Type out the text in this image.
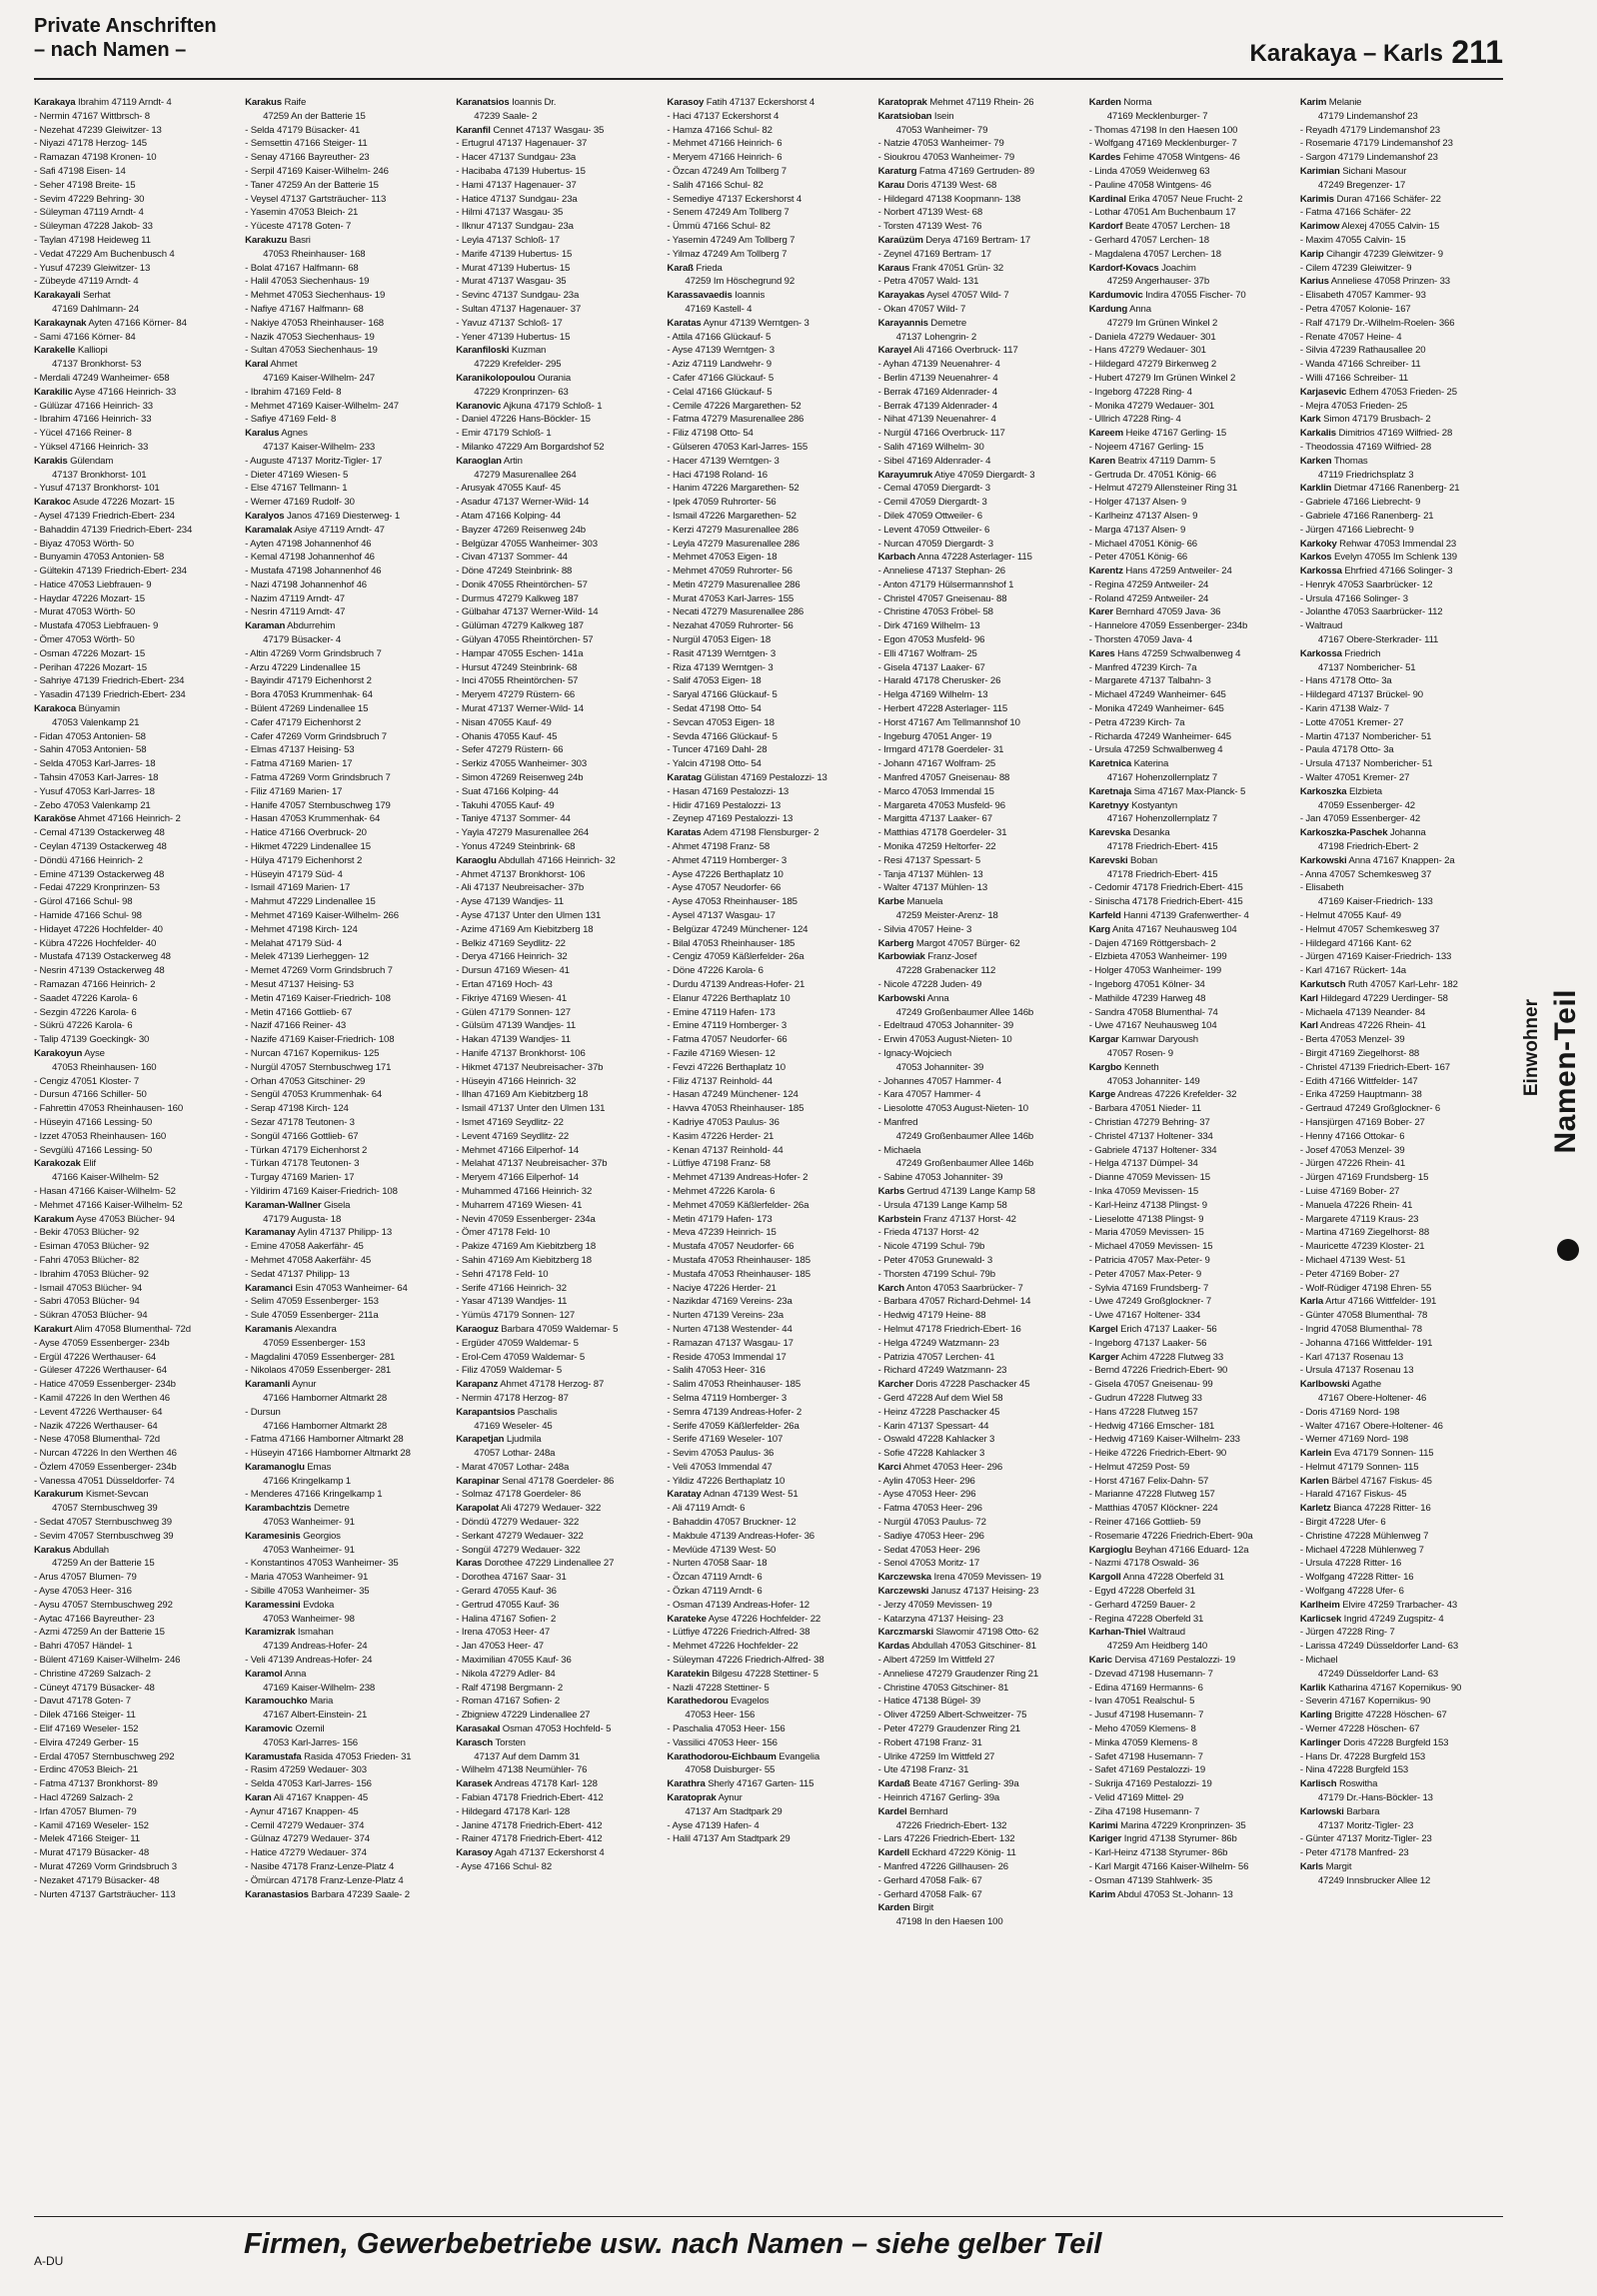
Private Anschriften
– nach Namen –	Karakaya – Karls 211
Karakaya Ibrahim 47119 Arndt- 4
- Nermin 47167 Wittbrsch- 8
- Nezehat 47239 Gleiwitzer- 13
- Niyazi 47178 Herzog- 145
- Ramazan 47198 Kronen- 10
- Safi 47198 Eisen- 14
- Seher 47198 Breite- 15
- Sevim 47229 Behring- 30
- Süleyman 47119 Arndt- 4
- Süleyman 47228 Jakob- 33
- Taylan 47198 Heideweg 11
- Vedat 47229 Am Buchenbusch 4
- Yusuf 47239 Gleiwitzer- 13
- Zübeyde 47119 Arndt- 4
Karakayali Serhat
47169 Dahlmann- 24
Karakaynak Ayten 47166 Körner- 84
- Sami 47166 Körner- 84
Karakelle Kalliopi
47137 Bronkhorst- 53
- Merdali 47249 Wanheimer- 658
Karakilic Ayse 47166 Heinrich- 33
- Gülüzar 47166 Heinrich- 33
- Ibrahim 47166 Heinrich- 33
- Yücel 47166 Reiner- 8
- Yüksel 47166 Heinrich- 33
Karakis Gülendam
47137 Bronkhorst- 101
- Yusuf 47137 Bronkhorst- 101
Karakoc Asude 47226 Mozart- 15
- Aysel 47139 Friedrich-Ebert- 234
- Bahaddin 47139 Friedrich-Ebert- 234
- Biyaz 47053 Wörth- 50
- Bunyamin 47053 Antonien- 58
- Gültekin 47139 Friedrich-Ebert- 234
- Hatice 47053 Liebfrauen- 9
- Haydar 47226 Mozart- 15
- Murat 47053 Wörth- 50
- Mustafa 47053 Liebfrauen- 9
- Ömer 47053 Wörth- 50
- Osman 47226 Mozart- 15
- Perihan 47226 Mozart- 15
- Sahriye 47139 Friedrich-Ebert- 234
- Yasadin 47139 Friedrich-Ebert- 234
Karakoca Bünyamin
47053 Valenkamp 21
- Fidan 47053 Antonien- 58
- Sahin 47053 Antonien- 58
- Selda 47053 Karl-Jarres- 18
- Tahsin 47053 Karl-Jarres- 18
- Yusuf 47053 Karl-Jarres- 18
- Zebo 47053 Valenkamp 21
Karaköse Ahmet 47166 Heinrich- 2
- Cemal 47139 Ostackerweg 48
- Ceylan 47139 Ostackerweg 48
- Döndü 47166 Heinrich- 2
- Emine 47139 Ostackerweg 48
- Fedai 47229 Kronprinzen- 53
- Gürol 47166 Schul- 98
- Hamide 47166 Schul- 98
- Hidayet 47226 Hochfelder- 40
- Kübra 47226 Hochfelder- 40
- Mustafa 47139 Ostackerweg 48
- Nesrin 47139 Ostackerweg 48
- Ramazan 47166 Heinrich- 2
- Saadet 47226 Karola- 6
- Sezgin 47226 Karola- 6
- Sükrü 47226 Karola- 6
- Talip 47139 Goeckingk- 30
Karakoyun Ayse
47053 Rheinhausen- 160
- Cengiz 47051 Kloster- 7
- Dursun 47166 Schiller- 50
- Fahrettin 47053 Rheinhausen- 160
- Hüseyin 47166 Lessing- 50
- Izzet 47053 Rheinhausen- 160
- Sevgülü 47166 Lessing- 50
Karakozak Elif
47166 Kaiser-Wilhelm- 52
- Hasan 47166 Kaiser-Wilhelm- 52
- Mehmet 47166 Kaiser-Wilhelm- 52
Karakum Ayse 47053 Blücher- 94
- Bekir 47053 Blücher- 92
- Esiman 47053 Blücher- 92
- Fahri 47053 Blücher- 82
- Ibrahim 47053 Blücher- 92
- Ismail 47053 Blücher- 94
- Sabri 47053 Blücher- 94
- Sükran 47053 Blücher- 94
Karakurt Alim 47058 Blumenthal- 72d
- Ayse 47059 Essenberger- 234b
- Ergül 47226 Werthauser- 64
- Güleser 47226 Werthauser- 64
- Hatice 47059 Essenberger- 234b
- Kamil 47226 In den Werthen 46
- Levent 47226 Werthauser- 64
- Nazik 47226 Werthauser- 64
- Nese 47058 Blumenthal- 72d
- Nurcan 47226 In den Werthen 46
- Özlem 47059 Essenberger- 234b
- Vanessa 47051 Düsseldorfer- 74
Karakurum Kismet-Sevcan
47057 Sternbuschweg 39
- Sedat 47057 Sternbuschweg 39
- Sevim 47057 Sternbuschweg 39
Karakus Abdullah
47259 An der Batterie 15
- Arus 47057 Blumen- 79
- Ayse 47053 Heer- 316
- Aysu 47057 Sternbuschweg 292
- Aytac 47166 Bayreuther- 23
- Azmi 47259 An der Batterie 15
- Bahri 47057 Händel- 1
- Bülent 47169 Kaiser-Wilhelm- 246
- Christine 47269 Salzach- 2
- Cüneyt 47179 Büsacker- 48
- Davut 47178 Goten- 7
- Dilek 47166 Steiger- 11
- Elif 47169 Weseler- 152
- Elvira 47249 Gerber- 15
- Erdal 47057 Sternbuschweg 292
- Erdinc 47053 Bleich- 21
- Fatma 47137 Bronkhorst- 89
- Hacl 47269 Salzach- 2
- Irfan 47057 Blumen- 79
- Kamil 47169 Weseler- 152
- Melek 47166 Steiger- 11
- Murat 47179 Büsacker- 48
- Murat 47269 Vorm Grindsbruch 3
- Nezaket 47179 Büsacker- 48
- Nurten 47137 Gartsträucher- 113
Karakus Raife
47259 An der Batterie 15
- Selda 47179 Büsacker- 41
- Semsettin 47166 Steiger- 11
- Senay 47166 Bayreuther- 23
- Serpil 47169 Kaiser-Wilhelm- 246
- Taner 47259 An der Batterie 15
- Veysel 47137 Gartsträucher- 113
- Yasemin 47053 Bleich- 21
- Yüceste 47178 Goten- 7
Karakuzu Basri
47053 Rheinhauser- 168
- Bolat 47167 Halfmann- 68
- Halil 47053 Siechenhaus- 19
- Mehmet 47053 Siechenhaus- 19
- Nafiye 47167 Halfmann- 68
- Nakiye 47053 Rheinhauser- 168
- Nazik 47053 Siechenhaus- 19
- Sultan 47053 Siechenhaus- 19
Karal Ahmet
47169 Kaiser-Wilhelm- 247
- Ibrahim 47169 Feld- 8
- Mehmet 47169 Kaiser-Wilhelm- 247
- Safiye 47169 Feld- 8
Karalus Agnes
47137 Kaiser-Wilhelm- 233
- Auguste 47137 Moritz-Tigler- 17
- Dieter 47169 Wiesen- 5
- Else 47167 Tellmann- 1
- Werner 47169 Rudolf- 30
Karalyos Janos 47169 Diesterweg- 1
Karamalak Asiye 47119 Arndt- 47
- Ayten 47198 Johannenhof 46
- Kemal 47198 Johannenhof 46
- Mustafa 47198 Johannenhof 46
- Nazi 47198 Johannenhof 46
- Nazim 47119 Arndt- 47
- Nesrin 47119 Arndt- 47
Karaman Abdurrehim
47179 Büsacker- 4
- Altin 47269 Vorm Grindsbruch 7
- Arzu 47229 Lindenallee 15
- Bayindir 47179 Eichenhorst 2
- Bora 47053 Krummenhak- 64
- Bülent 47269 Lindenallee 15
- Cafer 47179 Eichenhorst 2
- Cafer 47269 Vorm Grindsbruch 7
- Elmas 47137 Heising- 53
- Fatma 47169 Marien- 17
- Fatma 47269 Vorm Grindsbruch 7
- Filiz 47169 Marien- 17
- Hanife 47057 Sternbuschweg 179
- Hasan 47053 Krummenhak- 64
- Hatice 47166 Overbruck- 20
- Hikmet 47229 Lindenallee 15
- Hülya 47179 Eichenhorst 2
- Hüseyin 47179 Süd- 4
- Ismail 47169 Marien- 17
- Mahmut 47229 Lindenallee 15
- Mehmet 47169 Kaiser-Wilhelm- 266
- Mehmet 47198 Kirch- 124
- Melahat 47179 Süd- 4
- Melek 47139 Lierheggen- 12
- Memet 47269 Vorm Grindsbruch 7
- Mesut 47137 Heising- 53
- Metin 47169 Kaiser-Friedrich- 108
- Metin 47166 Gottlieb- 67
- Nazif 47166 Reiner- 43
- Nazife 47169 Kaiser-Friedrich- 108
- Nurcan 47167 Kopernikus- 125
- Nurgül 47057 Sternbuschweg 171
- Orhan 47053 Gitschiner- 29
- Sengül 47053 Krummenhak- 64
- Serap 47198 Kirch- 124
- Sezar 47178 Teutonen- 3
- Songül 47166 Gottlieb- 67
- Türkan 47179 Eichenhorst 2
- Türkan 47178 Teutonen- 3
- Turgay 47169 Marien- 17
- Yildirim 47169 Kaiser-Friedrich- 108
Karaman-Wallner Gisela
47179 Augusta- 18
Karamanay Aylin 47137 Philipp- 13
- Emine 47058 Aakerfähr- 45
- Mehmet 47058 Aakerfähr- 45
- Sedat 47137 Philipp- 13
Karamanci Esin 47053 Wanheimer- 64
- Selim 47059 Essenberger- 153
- Sule 47059 Essenberger- 211a
Karamanis Alexandra
47059 Essenberger- 153
- Magdalini 47059 Essenberger- 281
- Nikolaos 47059 Essenberger- 281
Karamanli Aynur
47166 Hamborner Altmarkt 28
- Dursun
47166 Hamborner Altmarkt 28
- Fatma 47166 Hamborner Altmarkt 28
- Hüseyin 47166 Hamborner Altmarkt 28
Karamanoglu Emas
47166 Kringelkamp 1
- Menderes 47166 Kringelkamp 1
Karambachtzis Demetre
47053 Wanheimer- 91
Karamesinis Georgios
47053 Wanheimer- 91
- Konstantinos 47053 Wanheimer- 35
- Maria 47053 Wanheimer- 91
- Sibille 47053 Wanheimer- 35
Karamessini Evdoka
47053 Wanheimer- 98
Karamizrak Ismahan
47139 Andreas-Hofer- 24
- Veli 47139 Andreas-Hofer- 24
Karamol Anna
47169 Kaiser-Wilhelm- 238
Karamouchko Maria
47167 Albert-Einstein- 21
Karamovic Ozemil
47053 Karl-Jarres- 156
Karamustafa Rasida 47053 Frieden- 31
- Rasim 47259 Wedauer- 303
- Selda 47053 Karl-Jarres- 156
Karan Ali 47167 Knappen- 45
- Aynur 47167 Knappen- 45
- Cemil 47279 Wedauer- 374
- Gülnaz 47279 Wedauer- 374
- Hatice 47279 Wedauer- 374
- Nasibe 47178 Franz-Lenze-Platz 4
- Ömürcan 47178 Franz-Lenze-Platz 4
Karanastasios Barbara 47239 Saale- 2
Karanatsios Ioannis Dr.
47239 Saale- 2
Karanfil Cennet 47137 Wasgau- 35
- Ertugrul 47137 Hagenauer- 37
- Hacer 47137 Sundgau- 23a
- Hacibaba 47139 Hubertus- 15
- Hami 47137 Hagenauer- 37
- Hatice 47137 Sundgau- 23a
- Hilmi 47137 Wasgau- 35
- Ilknur 47137 Sundgau- 23a
- Leyla 47137 Schloß- 17
- Marife 47139 Hubertus- 15
- Murat 47139 Hubertus- 15
- Murat 47137 Wasgau- 35
- Sevinc 47137 Sundgau- 23a
- Sultan 47137 Hagenauer- 37
- Yavuz 47137 Schloß- 17
- Yener 47139 Hubertus- 15
Karanfiloski Kuzman
47229 Krefelder- 295
Karanikolopoulou Ourania
47229 Kronprinzen- 63
Karanovic Ajkuna 47179 Schloß- 1
- Daniel 47226 Hans-Böckler- 15
- Emir 47179 Schloß- 1
- Milanko 47229 Am Borgardshof 52
Karaoglan Artin
47279 Masurenallee 264
- Arusyak 47055 Kauf- 45
- Asadur 47137 Werner-Wild- 14
- Atam 47166 Kolping- 44
- Bayzer 47269 Reisenweg 24b
- Belgüzar 47055 Wanheimer- 303
- Civan 47137 Sommer- 44
- Döne 47249 Steinbrink- 88
- Donik 47055 Rheintörchen- 57
- Durmus 47279 Kalkweg 187
- Gülbahar 47137 Werner-Wild- 14
- Gülüman 47279 Kalkweg 187
- Gülyan 47055 Rheintörchen- 57
- Hampar 47055 Eschen- 141a
- Hursut 47249 Steinbrink- 68
- Inci 47055 Rheintörchen- 57
- Meryem 47279 Rüstern- 66
- Murat 47137 Werner-Wild- 14
- Nisan 47055 Kauf- 49
- Ohanis 47055 Kauf- 45
- Sefer 47279 Rüstern- 66
- Serkiz 47055 Wanheimer- 303
- Simon 47269 Reisenweg 24b
- Suat 47166 Kolping- 44
- Takuhi 47055 Kauf- 49
- Taniye 47137 Sommer- 44
- Yayla 47279 Masurenallee 264
- Yonus 47249 Steinbrink- 68
Karaoglu Abdullah 47166 Heinrich- 32
- Ahmet 47137 Bronkhorst- 106
- Ali 47137 Neubreisacher- 37b
- Ayse 47139 Wandjes- 11
- Ayse 47137 Unter den Ulmen 131
- Azime 47169 Am Kiebitzberg 18
- Belkiz 47169 Seydlitz- 22
- Derya 47166 Heinrich- 32
- Dursun 47169 Wiesen- 41
- Ertan 47169 Hoch- 43
- Fikriye 47169 Wiesen- 41
- Gülen 47179 Sonnen- 127
- Gülsüm 47139 Wandjes- 11
- Hakan 47139 Wandjes- 11
- Hanife 47137 Bronkhorst- 106
- Hikmet 47137 Neubreisacher- 37b
- Hüseyin 47166 Heinrich- 32
- Ilhan 47169 Am Kiebitzberg 18
- Ismail 47137 Unter den Ulmen 131
- Ismet 47169 Seydlitz- 22
- Levent 47169 Seydlitz- 22
- Mehmet 47166 Eilperhof- 14
- Melahat 47137 Neubreisacher- 37b
- Meryem 47166 Eilperhof- 14
- Muhammed 47166 Heinrich- 32
- Muharrem 47169 Wiesen- 41
- Nevin 47059 Essenberger- 234a
- Ömer 47178 Feld- 10
- Pakize 47169 Am Kiebitzberg 18
- Sahin 47169 Am Kiebitzberg 18
- Sehri 47178 Feld- 10
- Serife 47166 Heinrich- 32
- Yasar 47139 Wandjes- 11
- Yümüs 47179 Sonnen- 127
Karaoguz Barbara 47059 Waldemar- 5
- Ergüder 47059 Waldemar- 5
- Erol-Cem 47059 Waldemar- 5
- Filiz 47059 Waldemar- 5
Karapanz Ahmet 47178 Herzog- 87
- Nermin 47178 Herzog- 87
Karapantsios Paschalis
47169 Weseler- 45
Karapetjan Ljudmila
47057 Lothar- 248a
- Marat 47057 Lothar- 248a
Karapinar Senal 47178 Goerdeler- 86
- Solmaz 47178 Goerdeler- 86
Karapolat Ali 47279 Wedauer- 322
- Döndü 47279 Wedauer- 322
- Serkant 47279 Wedauer- 322
- Songül 47279 Wedauer- 322
Karas Dorothee 47229 Lindenallee 27
- Dorothea 47167 Saar- 31
- Gerard 47055 Kauf- 36
- Gertrud 47055 Kauf- 36
- Halina 47167 Sofien- 2
- Irena 47053 Heer- 47
- Jan 47053 Heer- 47
- Maximilian 47055 Kauf- 36
- Nikola 47279 Adler- 84
- Ralf 47198 Bergmann- 2
- Roman 47167 Sofien- 2
- Zbigniew 47229 Lindenallee 27
Karasakal Osman 47053 Hochfeld- 5
Karasch Torsten
47137 Auf dem Damm 31
- Wilhelm 47138 Neumühler- 76
Karasek Andreas 47178 Karl- 128
- Fabian 47178 Friedrich-Ebert- 412
- Hildegard 47178 Karl- 128
- Janine 47178 Friedrich-Ebert- 412
- Rainer 47178 Friedrich-Ebert- 412
Karasoy Agah 47137 Eckershorst 4
- Ayse 47166 Schul- 82
Karasoy Fatih 47137 Eckershorst 4
- Haci 47137 Eckershorst 4
- Hamza 47166 Schul- 82
- Mehmet 47166 Heinrich- 6
- Meryem 47166 Heinrich- 6
- Özcan 47249 Am Tollberg 7
- Salih 47166 Schul- 82
- Semediye 47137 Eckershorst 4
- Senem 47249 Am Tollberg 7
- Ümmü 47166 Schul- 82
- Yasemin 47249 Am Tollberg 7
- Yilmaz 47249 Am Tollberg 7
Karaß Frieda
47259 Im Höschegrund 92
Karassavaedis Ioannis
47169 Kastell- 4
Karatas Aynur 47139 Werntgen- 3
- Attila 47166 Glückauf- 5
- Ayse 47139 Werntgen- 3
- Aziz 47119 Landwehr- 9
- Cafer 47166 Glückauf- 5
- Celal 47166 Glückauf- 5
- Cemile 47226 Margarethen- 52
- Fatma 47279 Masurenallee 286
- Filiz 47198 Otto- 54
- Gülseren 47053 Karl-Jarres- 155
- Hacer 47139 Werntgen- 3
- Haci 47198 Roland- 16
- Hanim 47226 Margarethen- 52
- Ipek 47059 Ruhrorter- 56
- Ismail 47226 Margarethen- 52
- Kerzi 47279 Masurenallee 286
- Leyla 47279 Masurenallee 286
- Mehmet 47053 Eigen- 18
- Mehmet 47059 Ruhrorter- 56
- Metin 47279 Masurenallee 286
- Murat 47053 Karl-Jarres- 155
- Necati 47279 Masurenallee 286
- Nezahat 47059 Ruhrorter- 56
- Nurgül 47053 Eigen- 18
- Rasit 47139 Werntgen- 3
- Riza 47139 Werntgen- 3
- Salif 47053 Eigen- 18
- Saryal 47166 Glückauf- 5
- Sedat 47198 Otto- 54
- Sevcan 47053 Eigen- 18
- Sevda 47166 Glückauf- 5
- Tuncer 47169 Dahl- 28
- Yalcin 47198 Otto- 54
Karatag Gülistan 47169 Pestalozzi- 13
- Hasan 47169 Pestalozzi- 13
- Hidir 47169 Pestalozzi- 13
- Zeynep 47169 Pestalozzi- 13
Karatas Adem 47198 Flensburger- 2
- Ahmet 47198 Franz- 58
- Ahmet 47119 Homberger- 3
- Ayse 47226 Berthaplatz 10
- Ayse 47057 Neudorfer- 66
- Ayse 47053 Rheinhauser- 185
- Aysel 47137 Wasgau- 17
- Belgüzar 47249 Münchener- 124
- Bilal 47053 Rheinhauser- 185
- Cengiz 47059 Käßlerfelder- 26a
- Döne 47226 Karola- 6
- Durdu 47139 Andreas-Hofer- 21
- Elanur 47226 Berthaplatz 10
- Emine 47119 Hafen- 173
- Emine 47119 Homberger- 3
- Fatma 47057 Neudorfer- 66
- Fazile 47169 Wiesen- 12
- Fevzi 47226 Berthaplatz 10
- Filiz 47137 Reinhold- 44
- Hasan 47249 Münchener- 124
- Havva 47053 Rheinhauser- 185
- Kadriye 47053 Paulus- 36
- Kasim 47226 Herder- 21
- Kenan 47137 Reinhold- 44
- Lütfiye 47198 Franz- 58
- Mehmet 47139 Andreas-Hofer- 2
- Mehmet 47226 Karola- 6
- Mehmet 47059 Käßlerfelder- 26a
- Metin 47179 Hafen- 173
- Meva 47239 Heinrich- 15
- Mustafa 47057 Neudorfer- 66
- Mustafa 47053 Rheinhauser- 185
- Mustafa 47053 Rheinhauser- 185
- Naciye 47226 Herder- 21
- Nazikdar 47169 Vereins- 23a
- Nurten 47139 Vereins- 23a
- Nurten 47138 Westender- 44
- Ramazan 47137 Wasgau- 17
- Reside 47053 Immendal 17
- Salih 47053 Heer- 316
- Salim 47053 Rheinhauser- 185
- Selma 47119 Homberger- 3
- Semra 47139 Andreas-Hofer- 2
- Serife 47059 Käßlerfelder- 26a
- Serife 47169 Weseler- 107
- Sevim 47053 Paulus- 36
- Veli 47053 Immendal 47
- Yildiz 47226 Berthaplatz 10
Karatay Adnan 47139 West- 51
- Ali 47119 Arndt- 6
- Bahaddin 47057 Bruckner- 12
- Makbule 47139 Andreas-Hofer- 36
- Mevlüde 47139 West- 50
- Nurten 47058 Saar- 18
- Özcan 47119 Arndt- 6
- Özkan 47119 Arndt- 6
- Osman 47139 Andreas-Hofer- 12
Karateke Ayse 47226 Hochfelder- 22
- Lütfiye 47226 Friedrich-Alfred- 38
- Mehmet 47226 Hochfelder- 22
- Süleyman 47226 Friedrich-Alfred- 38
Karatekin Bilgesu 47228 Stettiner- 5
- Nazli 47228 Stettiner- 5
Karathedorou Evagelos
47053 Heer- 156
- Paschalia 47053 Heer- 156
- Vassilici 47053 Heer- 156
Karathodorou-Eichbaum Evangelia
47058 Duisburger- 55
Karathra Sherly 47167 Garten- 115
Karatoprak Aynur
47137 Am Stadtpark 29
- Ayse 47139 Hafen- 4
- Halil 47137 Am Stadtpark 29
Karatoprak Mehmet 47119 Rhein- 26
Karatsioban Isein
47053 Wanheimer- 79
- Natzie 47053 Wanheimer- 79
- Sioukrou 47053 Wanheimer- 79
Karaturg Fatma 47169 Gertruden- 89
Karau Doris 47139 West- 68
- Hildegard 47138 Koopmann- 138
- Norbert 47139 West- 68
- Torsten 47139 West- 76
Karaüzüm Derya 47169 Bertram- 17
- Zeynel 47169 Bertram- 17
Karaus Frank 47051 Grün- 32
- Petra 47057 Wald- 131
Karayakas Aysel 47057 Wild- 7
- Okan 47057 Wild- 7
Karayannis Demetre
47137 Lohengrin- 2
Karayel Ali 47166 Overbruck- 117
- Ayhan 47139 Neuenahrer- 4
- Berlin 47139 Neuenahrer- 4
- Berrak 47169 Aldenrader- 4
- Berrak 47139 Aldenrader- 4
- Nihat 47139 Neuenahrer- 4
- Nurgül 47166 Overbruck- 117
- Salih 47169 Wilhelm- 30
- Sibel 47169 Aldenrader- 4
Karayumruk Atiye 47059 Diergardt- 3
- Cemal 47059 Diergardt- 3
- Cemil 47059 Diergardt- 3
- Dilek 47059 Ottweiler- 6
- Levent 47059 Ottweiler- 6
- Nurcan 47059 Diergardt- 3
Karbach Anna 47228 Asterlager- 115
- Anneliese 47137 Stephan- 26
- Anton 47179 Hülsermannshof 1
- Christel 47057 Gneisenau- 88
- Christine 47053 Fröbel- 58
- Dirk 47169 Wilhelm- 13
- Egon 47053 Musfeld- 96
- Elli 47167 Wolfram- 25
- Gisela 47137 Laaker- 67
- Harald 47178 Cherusker- 26
- Helga 47169 Wilhelm- 13
- Herbert 47228 Asterlager- 115
- Horst 47167 Am Tellmannshof 10
- Ingeburg 47051 Anger- 19
- Irmgard 47178 Goerdeler- 31
- Johann 47167 Wolfram- 25
- Manfred 47057 Gneisenau- 88
- Marco 47053 Immendal 15
- Margareta 47053 Musfeld- 96
- Margitta 47137 Laaker- 67
- Matthias 47178 Goerdeler- 31
- Monika 47259 Heltorfer- 22
- Resi 47137 Spessart- 5
- Tanja 47137 Mühlen- 13
- Walter 47137 Mühlen- 13
Karbe Manuela
47259 Meister-Arenz- 18
- Silvia 47057 Heine- 3
Karberg Margot 47057 Bürger- 62
Karbowiak Franz-Josef
47228 Grabenacker 112
- Nicole 47228 Juden- 49
Karbowski Anna
47249 Großenbaumer Allee 146b
- Edeltraud 47053 Johanniter- 39
- Erwin 47053 August-Nieten- 10
- Ignacy-Wojciech
47053 Johanniter- 39
- Johannes 47057 Hammer- 4
- Kara 47057 Hammer- 4
- Liesolotte 47053 August-Nieten- 10
- Manfred
47249 Großenbaumer Allee 146b
- Michaela
47249 Großenbaumer Allee 146b
- Sabine 47053 Johanniter- 39
Karbs Gertrud 47139 Lange Kamp 58
- Ursula 47139 Lange Kamp 58
Karbstein Franz 47137 Horst- 42
- Frieda 47137 Horst- 42
- Nicole 47199 Schul- 79b
- Peter 47053 Grunewald- 3
- Thorsten 47199 Schul- 79b
Karch Anton 47053 Saarbrücker- 7
- Barbara 47057 Richard-Dehmel- 14
- Hedwig 47179 Heine- 88
- Helmut 47178 Friedrich-Ebert- 16
- Helga 47249 Watzmann- 23
- Patrizia 47057 Lerchen- 41
- Richard 47249 Watzmann- 23
Karcher Doris 47228 Paschacker 45
- Gerd 47228 Auf dem Wiel 58
- Heinz 47228 Paschacker 45
- Karin 47137 Spessart- 44
- Oswald 47228 Kahlacker 3
- Sofie 47228 Kahlacker 3
Karci Ahmet 47053 Heer- 296
- Aylin 47053 Heer- 296
- Ayse 47053 Heer- 296
- Fatma 47053 Heer- 296
- Nurgül 47053 Paulus- 72
- Sadiye 47053 Heer- 296
- Sedat 47053 Heer- 296
- Senol 47053 Moritz- 17
Karczewska Irena 47059 Mevissen- 19
Karczewski Janusz 47137 Heising- 23
- Jerzy 47059 Mevissen- 19
- Katarzyna 47137 Heising- 23
Karczmarski Slawomir 47198 Otto- 62
Kardas Abdullah 47053 Gitschiner- 81
- Albert 47259 Im Wittfeld 27
- Anneliese 47279 Graudenzer Ring 21
- Christine 47053 Gitschiner- 81
- Hatice 47138 Bügel- 39
- Oliver 47259 Albert-Schweitzer- 75
- Peter 47279 Graudenzer Ring 21
- Robert 47198 Franz- 31
- Ulrike 47259 Im Wittfeld 27
- Ute 47198 Franz- 31
Kardaß Beate 47167 Gerling- 39a
- Heinrich 47167 Gerling- 39a
Kardel Bernhard
47226 Friedrich-Ebert- 132
- Lars 47226 Friedrich-Ebert- 132
Kardell Eckhard 47229 König- 11
- Manfred 47226 Gillhausen- 26
- Gerhard 47058 Falk- 67
- Gerhard 47058 Falk- 67
Karden Birgit
47198 In den Haesen 100
Karden Norma
47169 Mecklenburger- 7
- Thomas 47198 In den Haesen 100
- Wolfgang 47169 Mecklenburger- 7
Kardes Fehime 47058 Wintgens- 46
- Linda 47059 Weidenweg 63
- Pauline 47058 Wintgens- 46
Kardinal Erika 47057 Neue Frucht- 2
- Lothar 47051 Am Buchenbaum 17
Kardorf Beate 47057 Lerchen- 18
- Gerhard 47057 Lerchen- 18
- Magdalena 47057 Lerchen- 18
Kardorf-Kovacs Joachim
47259 Angerhauser- 37b
Kardumovic Indira 47055 Fischer- 70
Kardung Anna
47279 Im Grünen Winkel 2
- Daniela 47279 Wedauer- 301
- Hans 47279 Wedauer- 301
- Hildegard 47279 Birkenweg 2
- Hubert 47279 Im Grünen Winkel 2
- Ingeborg 47228 Ring- 4
- Monika 47279 Wedauer- 301
- Ullrich 47228 Ring- 4
Kareem Heike 47167 Gerling- 15
- Nojeem 47167 Gerling- 15
Karen Beatrix 47119 Damm- 5
- Gertruda Dr. 47051 König- 66
- Helmut 47279 Allensteiner Ring 31
- Holger 47137 Alsen- 9
- Karlheinz 47137 Alsen- 9
- Marga 47137 Alsen- 9
- Michael 47051 König- 66
- Peter 47051 König- 66
Karentz Hans 47259 Antweiler- 24
- Regina 47259 Antweiler- 24
- Roland 47259 Antweiler- 24
Karer Bernhard 47059 Java- 36
- Hannelore 47059 Essenberger- 234b
- Thorsten 47059 Java- 4
Kares Hans 47259 Schwalbenweg 4
- Manfred 47239 Kirch- 7a
- Margarete 47137 Talbahn- 3
- Michael 47249 Wanheimer- 645
- Monika 47249 Wanheimer- 645
- Petra 47239 Kirch- 7a
- Richarda 47249 Wanheimer- 645
- Ursula 47259 Schwalbenweg 4
Karetnica Katerina
47167 Hohenzollernplatz 7
Karetnaja Sima 47167 Max-Planck- 5
Karetnyy Kostyantyn
47167 Hohenzollernplatz 7
Karevska Desanka
47178 Friedrich-Ebert- 415
Karevski Boban
47178 Friedrich-Ebert- 415
- Cedomir 47178 Friedrich-Ebert- 415
- Sinischa 47178 Friedrich-Ebert- 415
Karfeld Hanni 47139 Grafenwerther- 4
Karg Anita 47167 Neuhausweg 104
- Dajen 47169 Röttgersbach- 2
- Elzbieta 47053 Wanheimer- 199
- Holger 47053 Wanheimer- 199
- Ingeborg 47051 Kölner- 34
- Mathilde 47239 Harweg 48
- Sandra 47058 Blumenthal- 74
- Uwe 47167 Neuhausweg 104
Kargar Kamwar Daryoush
47057 Rosen- 9
Kargbo Kenneth
47053 Johanniter- 149
Karge Andreas 47226 Krefelder- 32
- Barbara 47051 Nieder- 11
- Christian 47279 Behring- 37
- Christel 47137 Holtener- 334
- Gabriele 47137 Holtener- 334
- Helga 47137 Dümpel- 34
- Dianne 47059 Mevissen- 15
- Inka 47059 Mevissen- 15
- Karl-Heinz 47138 Plingst- 9
- Lieselotte 47138 Plingst- 9
- Maria 47059 Mevissen- 15
- Michael 47059 Mevissen- 15
- Patricia 47057 Max-Peter- 9
- Peter 47057 Max-Peter- 9
- Sylvia 47169 Frundsberg- 7
- Uwe 47249 Großglockner- 7
- Uwe 47167 Holtener- 334
Kargel Erich 47137 Laaker- 56
- Ingeborg 47137 Laaker- 56
Karger Achim 47228 Flutweg 33
- Bernd 47226 Friedrich-Ebert- 90
- Gisela 47057 Gneisenau- 99
- Gudrun 47228 Flutweg 33
- Hans 47228 Flutweg 157
- Hedwig 47166 Emscher- 181
- Hedwig 47169 Kaiser-Wilhelm- 233
- Heike 47226 Friedrich-Ebert- 90
- Helmut 47259 Post- 59
- Horst 47167 Felix-Dahn- 57
- Marianne 47228 Flutweg 157
- Matthias 47057 Klöckner- 224
- Reiner 47166 Gottlieb- 59
- Rosemarie 47226 Friedrich-Ebert- 90a
Kargioglu Beyhan 47166 Eduard- 12a
- Nazmi 47178 Oswald- 36
Kargoll Anna 47228 Oberfeld 31
- Egyd 47228 Oberfeld 31
- Gerhard 47259 Bauer- 2
- Regina 47228 Oberfeld 31
Karhan-Thiel Waltraud
47259 Am Heidberg 140
Karic Dervisa 47169 Pestalozzi- 19
- Dzevad 47198 Husemann- 7
- Edina 47169 Hermanns- 6
- Ivan 47051 Realschul- 5
- Jusuf 47198 Husemann- 7
- Meho 47059 Klemens- 8
- Minka 47059 Klemens- 8
- Safet 47198 Husemann- 7
- Safet 47169 Pestalozzi- 19
- Sukrija 47169 Pestalozzi- 19
- Velid 47169 Mittel- 29
- Ziha 47198 Husemann- 7
Karimi Marina 47229 Kronprinzen- 35
Kariger Ingrid 47138 Styrumer- 86b
- Karl-Heinz 47138 Styrumer- 86b
- Karl Margit 47166 Kaiser-Wilhelm- 56
- Osman 47139 Stahlwerk- 35
Karim Abdul 47053 St.-Johann- 13
Karim Melanie
47179 Lindemanshof 23
- Reyadh 47179 Lindemanshof 23
- Rosemarie 47179 Lindemanshof 23
- Sargon 47179 Lindemanshof 23
Karimian Sichani Masour
47249 Bregenzer- 17
Karimis Duran 47166 Schäfer- 22
- Fatma 47166 Schäfer- 22
Karimow Alexej 47055 Calvin- 15
- Maxim 47055 Calvin- 15
Karip Cihangir 47239 Gleiwitzer- 9
- Cilem 47239 Gleiwitzer- 9
Karius Anneliese 47058 Prinzen- 33
- Elisabeth 47057 Kammer- 93
- Petra 47057 Kolonie- 167
- Ralf 47179 Dr.-Wilhelm-Roelen- 366
- Renate 47057 Heine- 4
- Silvia 47239 Rathausallee 20
- Wanda 47166 Schreiber- 11
- Willi 47166 Schreiber- 11
Karjasevic Edhem 47053 Frieden- 25
- Mejra 47053 Frieden- 25
Kark Simon 47179 Brusbach- 2
Karkalis Dimitrios 47169 Wilfried- 28
- Theodossia 47169 Wilfried- 28
Karken Thomas
47119 Friedrichsplatz 3
Karklin Dietmar 47166 Ranenberg- 21
- Gabriele 47166 Liebrecht- 9
- Gabriele 47166 Ranenberg- 21
- Jürgen 47166 Liebrecht- 9
Karkoky Rehwar 47053 Immendal 23
Karkos Evelyn 47055 Im Schlenk 139
Karkossa Ehrfried 47166 Solinger- 3
- Henryk 47053 Saarbrücker- 12
- Ursula 47166 Solinger- 3
- Jolanthe 47053 Saarbrücker- 112
- Waltraud
47167 Obere-Sterkrader- 111
Karkossa Friedrich
47137 Nombericher- 51
- Hans 47178 Otto- 3a
- Hildegard 47137 Brückel- 90
- Karin 47138 Walz- 7
- Lotte 47051 Kremer- 27
- Martin 47137 Nombericher- 51
- Paula 47178 Otto- 3a
- Ursula 47137 Nombericher- 51
- Walter 47051 Kremer- 27
Karkoszka Elzbieta
47059 Essenberger- 42
- Jan 47059 Essenberger- 42
Karkoszka-Paschek Johanna
47198 Friedrich-Ebert- 2
Karkowski Anna 47167 Knappen- 2a
- Anna 47057 Schemkesweg 37
- Elisabeth
47169 Kaiser-Friedrich- 133
- Helmut 47055 Kauf- 49
- Helmut 47057 Schemkesweg 37
- Hildegard 47166 Kant- 62
- Jürgen 47169 Kaiser-Friedrich- 133
- Karl 47167 Rückert- 14a
Karkutsch Ruth 47057 Karl-Lehr- 182
Karl Hildegard 47229 Uerdinger- 58
- Michaela 47139 Neander- 84
Karl Andreas 47226 Rhein- 41
- Berta 47053 Menzel- 39
- Birgit 47169 Ziegelhorst- 88
- Christel 47139 Friedrich-Ebert- 167
- Edith 47166 Wittfelder- 147
- Erika 47259 Hauptmann- 38
- Gertraud 47249 Großglockner- 6
- Hansjürgen 47169 Bober- 27
- Henny 47166 Ottokar- 6
- Josef 47053 Menzel- 39
- Jürgen 47226 Rhein- 41
- Jürgen 47169 Frundsberg- 15
- Luise 47169 Bober- 27
- Manuela 47226 Rhein- 41
- Margarete 47119 Kraus- 23
- Martina 47169 Ziegelhorst- 88
- Mauricette 47239 Kloster- 21
- Michael 47139 West- 51
- Peter 47169 Bober- 27
- Wolf-Rüdiger 47198 Ehren- 55
Karla Artur 47166 Wittfelder- 191
- Günter 47058 Blumenthal- 78
- Ingrid 47058 Blumenthal- 78
- Johanna 47166 Wittfelder- 191
- Karl 47137 Rosenau 13
- Ursula 47137 Rosenau 13
Karlbowski Agathe
47167 Obere-Holtener- 46
- Doris 47169 Nord- 198
- Walter 47167 Obere-Holtener- 46
- Werner 47169 Nord- 198
Karlein Eva 47179 Sonnen- 115
- Helmut 47179 Sonnen- 115
Karlen Bärbel 47167 Fiskus- 45
- Harald 47167 Fiskus- 45
Karletz Bianca 47228 Ritter- 16
- Birgit 47228 Ufer- 6
- Christine 47228 Mühlenweg 7
- Michael 47228 Mühlenweg 7
- Ursula 47228 Ritter- 16
- Wolfgang 47228 Ritter- 16
- Wolfgang 47228 Ufer- 6
Karlheim Elvire 47259 Trarbacher- 43
Karlicsek Ingrid 47249 Zugspitz- 4
- Jürgen 47228 Ring- 7
- Larissa 47249 Düsseldorfer Land- 63
- Michael
47249 Düsseldorfer Land- 63
Karlik Katharina 47167 Kopernikus- 90
- Severin 47167 Kopernikus- 90
Karling Brigitte 47228 Höschen- 67
- Werner 47228 Höschen- 67
Karlinger Doris 47228 Burgfeld 153
- Hans Dr. 47228 Burgfeld 153
- Nina 47228 Burgfeld 153
Karlisch Roswitha
47179 Dr.-Hans-Böckler- 13
Karlowski Barbara
47137 Moritz-Tigler- 23
- Günter 47137 Moritz-Tigler- 23
- Peter 47178 Manfred- 23
Karls Margit
47249 Innsbrucker Allee 12
Einwohner Namen-Teil
A-DU
Firmen, Gewerbebetriebe usw. nach Namen – siehe gelber Teil
